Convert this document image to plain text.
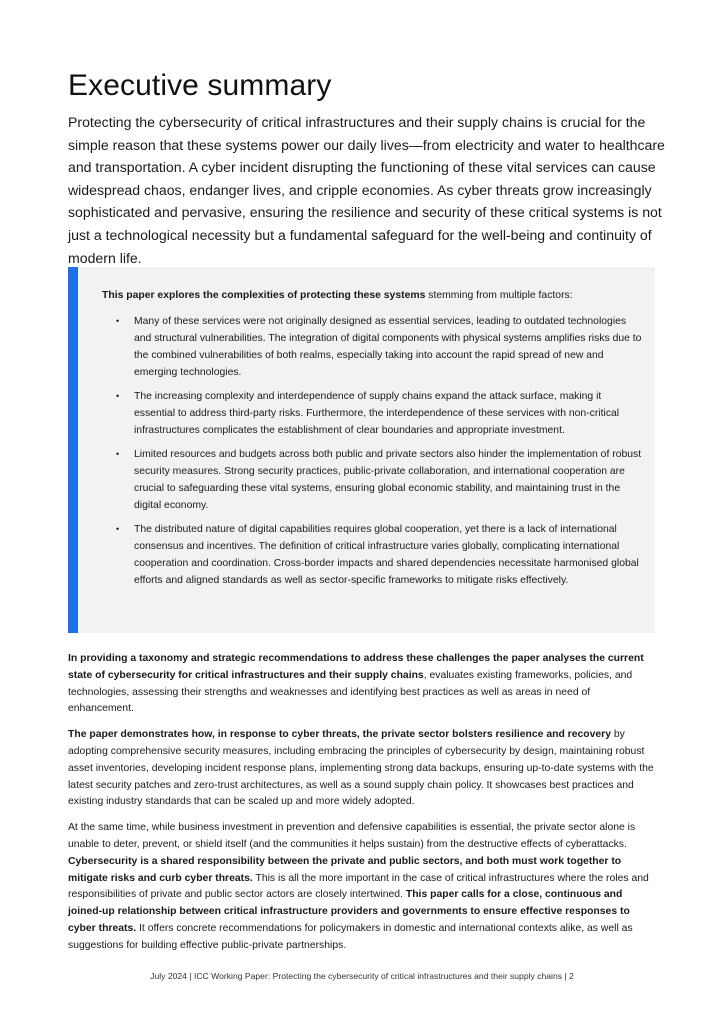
Executive summary

Protecting the cybersecurity of critical infrastructures and their supply chains is crucial for the simple reason that these systems power our daily lives—from electricity and water to healthcare and transportation. A cyber incident disrupting the functioning of these vital services can cause widespread chaos, endanger lives, and cripple economies. As cyber threats grow increasingly sophisticated and pervasive, ensuring the resilience and security of these critical systems is not just a technological necessity but a fundamental safeguard for the well-being and continuity of modern life.

This paper explores the complexities of protecting these systems stemming from multiple factors:

• Many of these services were not originally designed as essential services, leading to outdated technologies and structural vulnerabilities. The integration of digital components with physical systems amplifies risks due to the combined vulnerabilities of both realms, especially taking into account the rapid spread of new and emerging technologies.
• The increasing complexity and interdependence of supply chains expand the attack surface, making it essential to address third-party risks. Furthermore, the interdependence of these services with non-critical infrastructures complicates the establishment of clear boundaries and appropriate investment.
• Limited resources and budgets across both public and private sectors also hinder the implementation of robust security measures. Strong security practices, public-private collaboration, and international cooperation are crucial to safeguarding these vital systems, ensuring global economic stability, and maintaining trust in the digital economy.
• The distributed nature of digital capabilities requires global cooperation, yet there is a lack of international consensus and incentives. The definition of critical infrastructure varies globally, complicating international cooperation and coordination. Cross-border impacts and shared dependencies necessitate harmonised global efforts and aligned standards as well as sector-specific frameworks to mitigate risks effectively.

In providing a taxonomy and strategic recommendations to address these challenges the paper analyses the current state of cybersecurity for critical infrastructures and their supply chains, evaluates existing frameworks, policies, and technologies, assessing their strengths and weaknesses and identifying best practices as well as areas in need of enhancement.

The paper demonstrates how, in response to cyber threats, the private sector bolsters resilience and recovery by adopting comprehensive security measures, including embracing the principles of cybersecurity by design, maintaining robust asset inventories, developing incident response plans, implementing strong data backups, ensuring up-to-date systems with the latest security patches and zero-trust architectures, as well as a sound supply chain policy. It showcases best practices and existing industry standards that can be scaled up and more widely adopted.

At the same time, while business investment in prevention and defensive capabilities is essential, the private sector alone is unable to deter, prevent, or shield itself (and the communities it helps sustain) from the destructive effects of cyberattacks. Cybersecurity is a shared responsibility between the private and public sectors, and both must work together to mitigate risks and curb cyber threats. This is all the more important in the case of critical infrastructures where the roles and responsibilities of private and public sector actors are closely intertwined. This paper calls for a close, continuous and joined-up relationship between critical infrastructure providers and governments to ensure effective responses to cyber threats. It offers concrete recommendations for policymakers in domestic and international contexts alike, as well as suggestions for building effective public-private partnerships.

July 2024 | ICC Working Paper: Protecting the cybersecurity of critical infrastructures and their supply chains | 2
